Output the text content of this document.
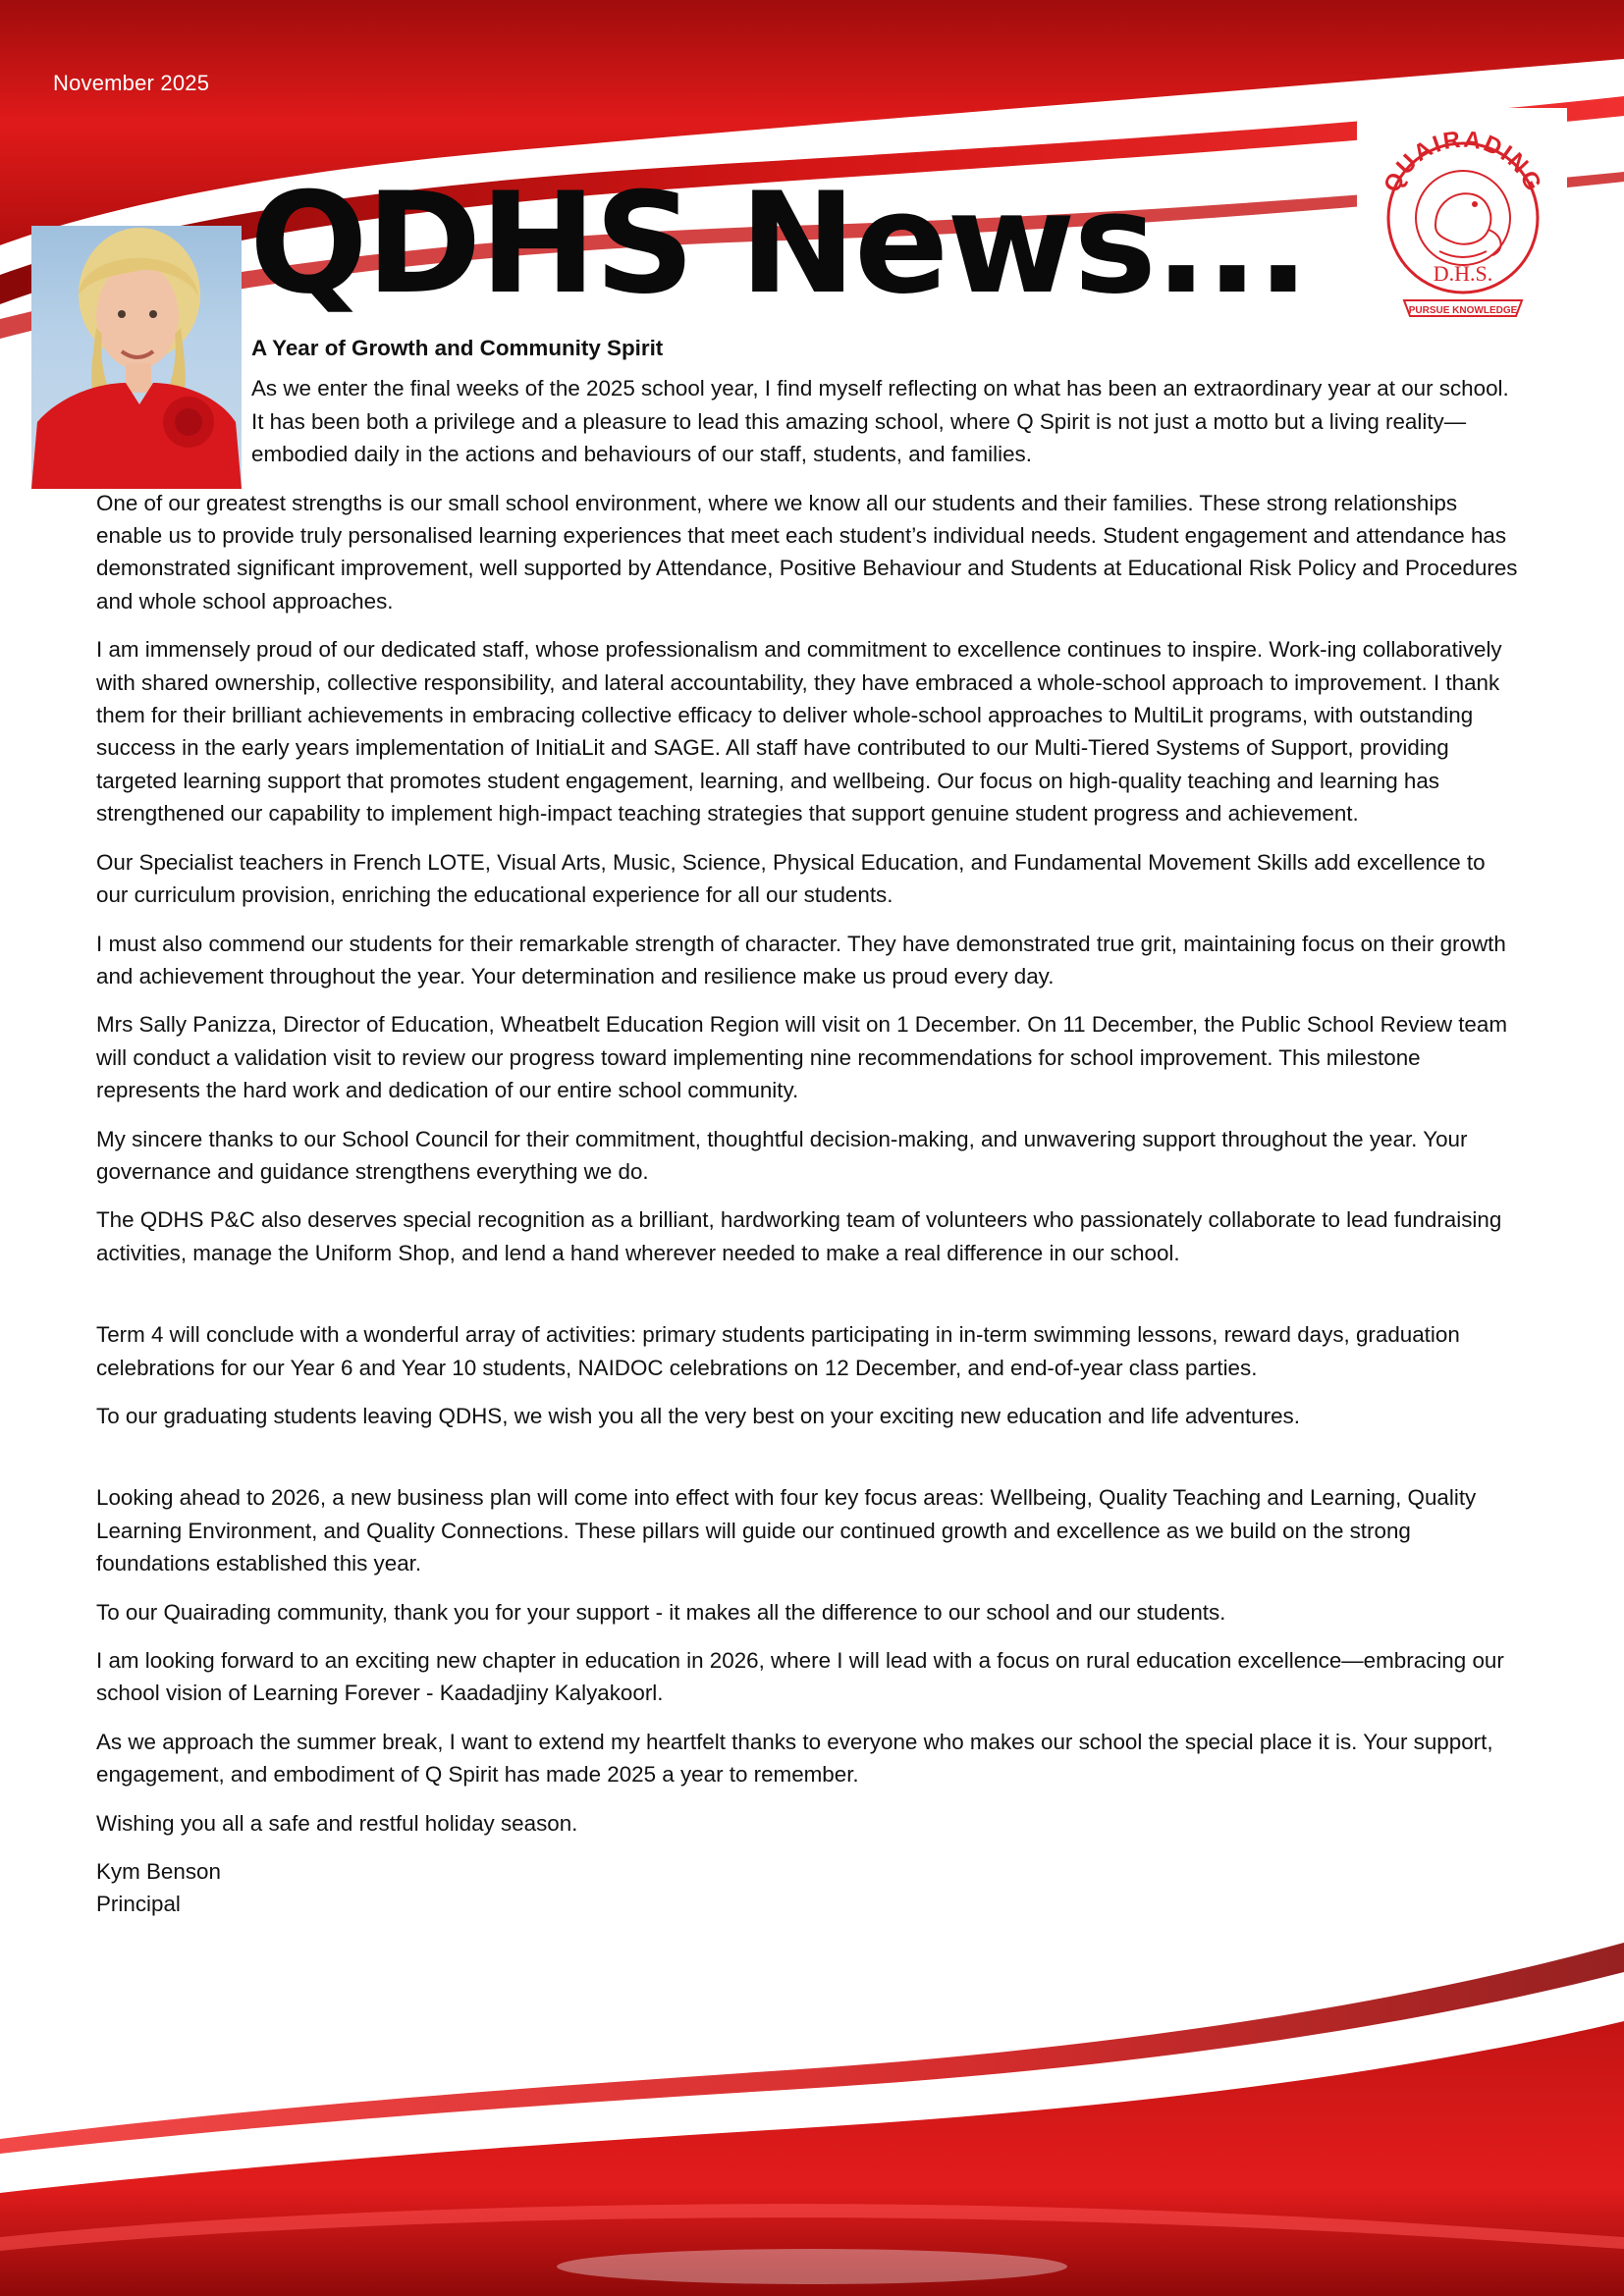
November 2025
QDHS News...	QUAIRADING
D.H.S.
PURSUE KNOWLEDGE

A Year of Growth and Community Spirit

As we enter the final weeks of the 2025 school year, I find myself reflecting on what has been an extraordinary year at our school. It has been both a privilege and a pleasure to lead this amazing school, where Q Spirit is not just a motto but a living reality—embodied daily in the actions and behaviours of our staff, students, and families.

One of our greatest strengths is our small school environment, where we know all our students and their families. These strong relationships enable us to provide truly personalised learning experiences that meet each student’s individual needs. Student engagement and attendance has demonstrated significant improvement, well supported by Attendance, Positive Behaviour and Students at Educational Risk Policy and Procedures and whole school approaches.

I am immensely proud of our dedicated staff, whose professionalism and commitment to excellence continues to inspire. Work-ing collaboratively with shared ownership, collective responsibility, and lateral accountability, they have embraced a whole-school approach to improvement. I thank them for their brilliant achievements in embracing collective efficacy to deliver whole-school approaches to MultiLit programs, with outstanding success in the early years implementation of InitiaLit and SAGE. All staff have contributed to our Multi-Tiered Systems of Support, providing targeted learning support that promotes student engagement, learning, and wellbeing. Our focus on high-quality teaching and learning has strengthened our capability to implement high-impact teaching strategies that support genuine student progress and achievement.

Our Specialist teachers in French LOTE, Visual Arts, Music, Science, Physical Education, and Fundamental Movement Skills add excellence to our curriculum provision, enriching the educational experience for all our students.

I must also commend our students for their remarkable strength of character. They have demonstrated true grit, maintaining focus on their growth and achievement throughout the year. Your determination and resilience make us proud every day.

Mrs Sally Panizza, Director of Education, Wheatbelt Education Region will visit on 1 December. On 11 December, the Public School Review team will conduct a validation visit to review our progress toward implementing nine recommendations for school improvement. This milestone represents the hard work and dedication of our entire school community.

My sincere thanks to our School Council for their commitment, thoughtful decision-making, and unwavering support throughout the year. Your governance and guidance strengthens everything we do.

The QDHS P&C also deserves special recognition as a brilliant, hardworking team of volunteers who passionately collaborate to lead fundraising activities, manage the Uniform Shop, and lend a hand wherever needed to make a real difference in our school.

Term 4 will conclude with a wonderful array of activities: primary students participating in in-term swimming lessons, reward days, graduation celebrations for our Year 6 and Year 10 students, NAIDOC celebrations on 12 December, and end-of-year class parties.

To our graduating students leaving QDHS, we wish you all the very best on your exciting new education and life adventures.

Looking ahead to 2026, a new business plan will come into effect with four key focus areas: Wellbeing, Quality Teaching and Learning, Quality Learning Environment, and Quality Connections. These pillars will guide our continued growth and excellence as we build on the strong foundations established this year.

To our Quairading community, thank you for your support - it makes all the difference to our school and our students.

I am looking forward to an exciting new chapter in education in 2026, where I will lead with a focus on rural education excellence—embracing our school vision of Learning Forever - Kaadadjiny Kalyakoorl.

As we approach the summer break, I want to extend my heartfelt thanks to everyone who makes our school the special place it is. Your support, engagement, and embodiment of Q Spirit has made 2025 a year to remember.

Wishing you all a safe and restful holiday season.

Kym Benson
Principal
